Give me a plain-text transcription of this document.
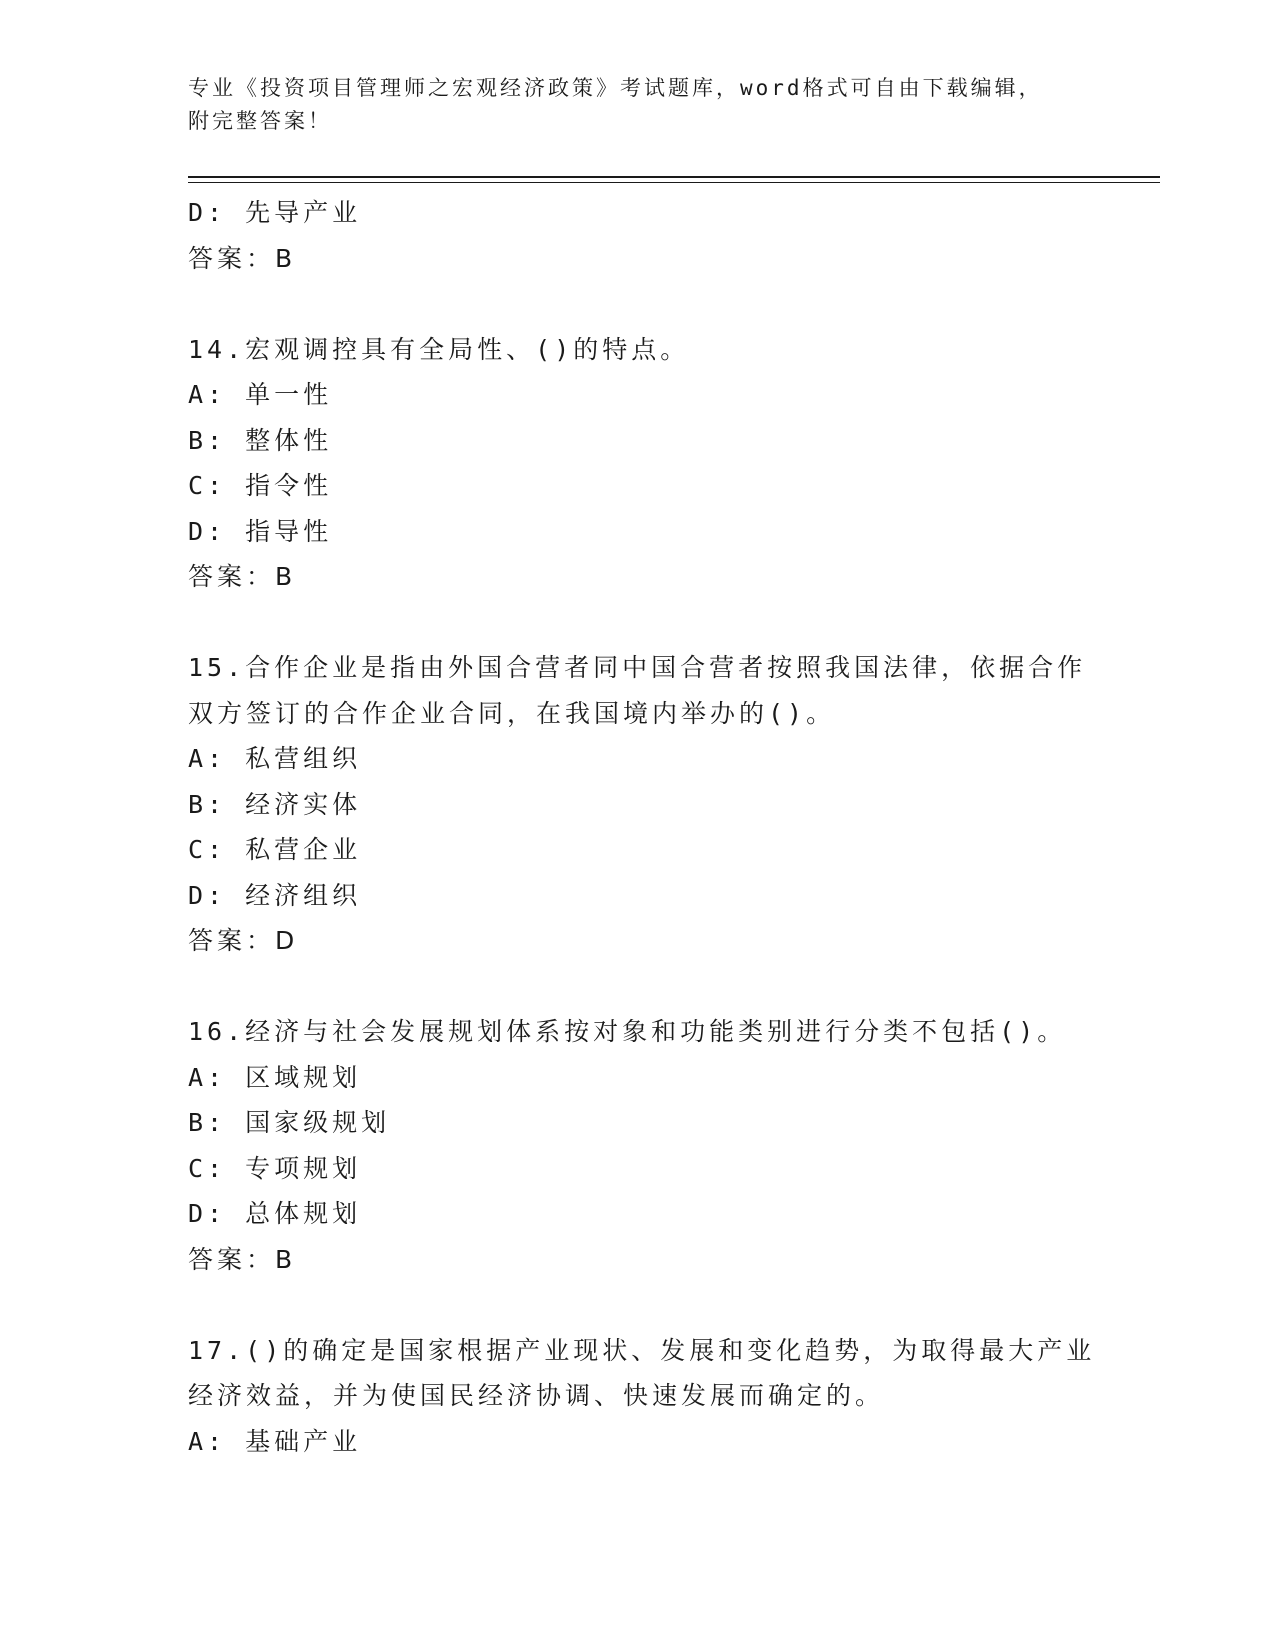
专业《投资项目管理师之宏观经济政策》考试题库，word格式可自由下载编辑，
附完整答案！
D: 先导产业
答案：B
14.宏观调控具有全局性、()的特点。
A: 单一性
B: 整体性
C: 指令性
D: 指导性
答案：B
15.合作企业是指由外国合营者同中国合营者按照我国法律，依据合作
双方签订的合作企业合同，在我国境内举办的()。
A: 私营组织
B: 经济实体
C: 私营企业
D: 经济组织
答案：D
16.经济与社会发展规划体系按对象和功能类别进行分类不包括()。
A: 区域规划
B: 国家级规划
C: 专项规划
D: 总体规划
答案：B
17.()的确定是国家根据产业现状、发展和变化趋势，为取得最大产业
经济效益，并为使国民经济协调、快速发展而确定的。
A: 基础产业
